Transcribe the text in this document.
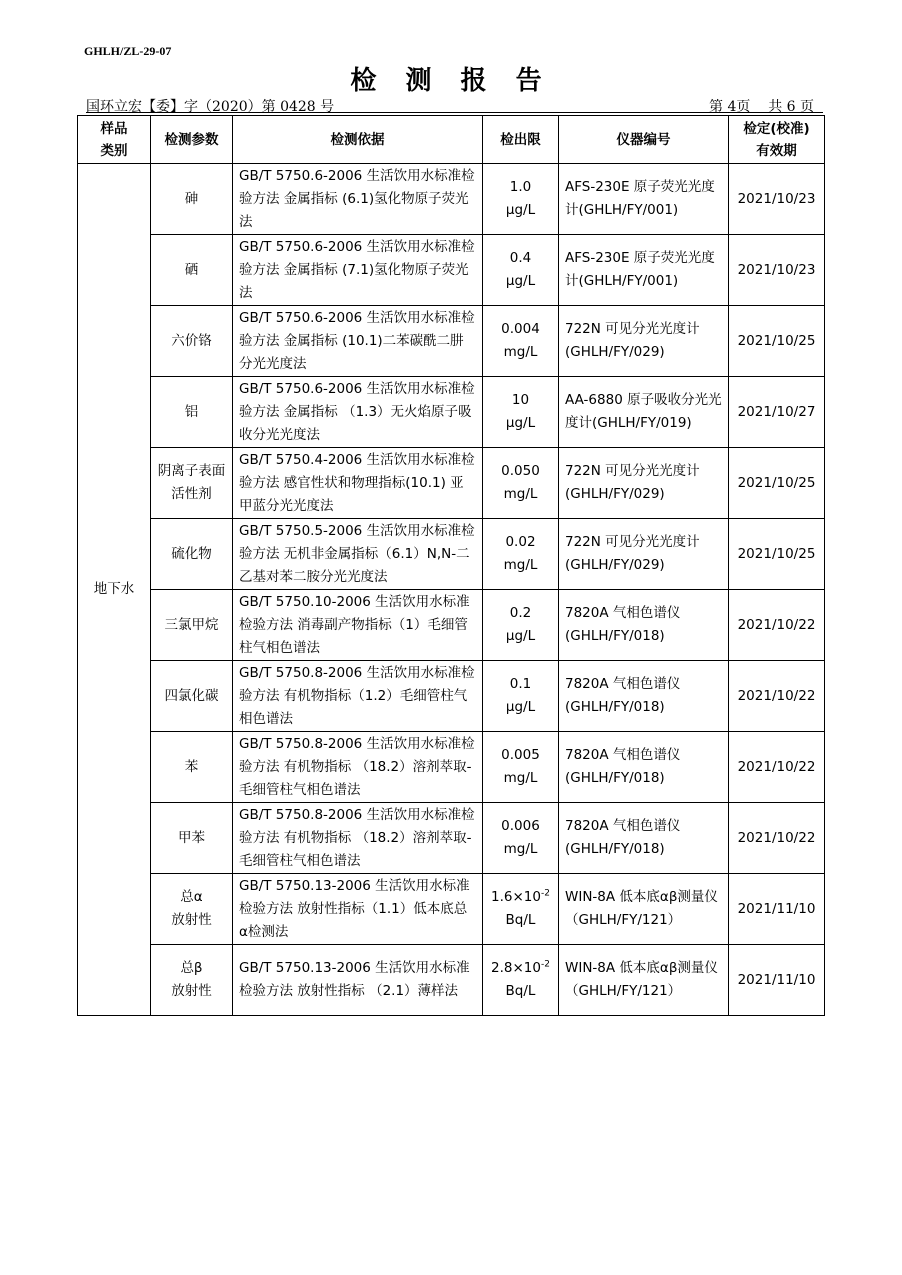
GHLH/ZL-29-07
检 测 报 告
国环立宏【委】字（2020）第 0428 号	第 4页    共 6 页
样品
类别	检测参数	检测依据	检出限	仪器编号	检定(校准)
有效期
地下水	砷	GB/T 5750.6-2006 生活饮用水标准检验方法 金属指标 (6.1)氢化物原子荧光法	1.0
μg/L	AFS-230E 原子荧光光度计(GHLH/FY/001)	2021/10/23
	硒	GB/T 5750.6-2006 生活饮用水标准检验方法 金属指标 (7.1)氢化物原子荧光法	0.4
μg/L	AFS-230E 原子荧光光度计(GHLH/FY/001)	2021/10/23
	六价铬	GB/T 5750.6-2006 生活饮用水标准检验方法 金属指标 (10.1)二苯碳酰二肼分光光度法	0.004
mg/L	722N 可见分光光度计(GHLH/FY/029)	2021/10/25
	铝	GB/T 5750.6-2006 生活饮用水标准检验方法 金属指标 （1.3）无火焰原子吸收分光光度法	10
μg/L	AA-6880 原子吸收分光光度计(GHLH/FY/019)	2021/10/27
	阴离子表面活性剂	GB/T 5750.4-2006 生活饮用水标准检验方法 感官性状和物理指标(10.1) 亚甲蓝分光光度法	0.050
mg/L	722N 可见分光光度计(GHLH/FY/029)	2021/10/25
	硫化物	GB/T 5750.5-2006 生活饮用水标准检验方法 无机非金属指标（6.1）N,N-二乙基对苯二胺分光光度法	0.02
mg/L	722N 可见分光光度计(GHLH/FY/029)	2021/10/25
	三氯甲烷	GB/T 5750.10-2006 生活饮用水标准检验方法 消毒副产物指标（1）毛细管柱气相色谱法	0.2
μg/L	7820A 气相色谱仪(GHLH/FY/018)	2021/10/22
	四氯化碳	GB/T 5750.8-2006 生活饮用水标准检验方法 有机物指标（1.2）毛细管柱气相色谱法	0.1
μg/L	7820A 气相色谱仪(GHLH/FY/018)	2021/10/22
	苯	GB/T 5750.8-2006 生活饮用水标准检验方法 有机物指标 （18.2）溶剂萃取-毛细管柱气相色谱法	0.005
mg/L	7820A 气相色谱仪(GHLH/FY/018)	2021/10/22
	甲苯	GB/T 5750.8-2006 生活饮用水标准检验方法 有机物指标 （18.2）溶剂萃取-毛细管柱气相色谱法	0.006
mg/L	7820A 气相色谱仪(GHLH/FY/018)	2021/10/22
	总α
放射性	GB/T 5750.13-2006 生活饮用水标准检验方法 放射性指标（1.1）低本底总α检测法	$1.6\times 10^{-2}$
Bq/L	WIN-8A 低本底αβ测量仪（GHLH/FY/121）	2021/11/10
	总β
放射性	GB/T 5750.13-2006 生活饮用水标准检验方法 放射性指标 （2.1）薄样法	$2.8\times 10^{-2}$
Bq/L	WIN-8A 低本底αβ测量仪（GHLH/FY/121）	2021/11/10
